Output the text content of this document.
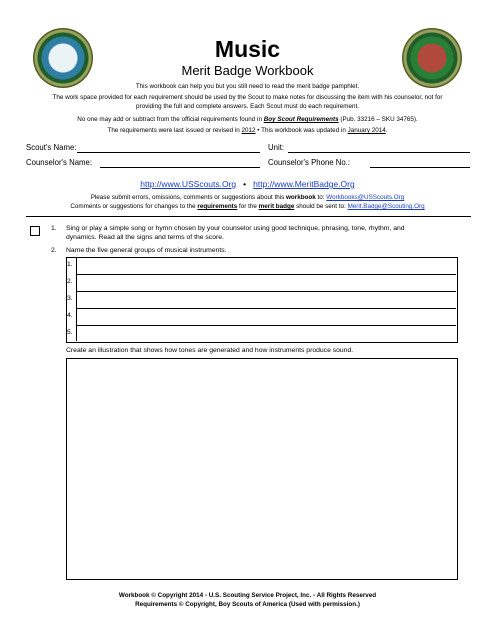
Music
Merit Badge Workbook
This workbook can help you but you still need to read the merit badge pamphlet.
The work space provided for each requirement should be used by the Scout to make notes for discussing the item with his counselor, not for
providing the full and complete answers. Each Scout must do each requirement.
No one may add or subtract from the official requirements found in Boy Scout Requirements (Pub. 33216 – SKU 34765).
The requirements were last issued or revised in 2012 • This workbook was updated in January 2014.
Scout's Name:	Unit:
Counselor's Name:	Counselor's Phone No.:
http://www.USScouts.Org • http://www.MeritBadge.Org
Please submit errors, omissions, comments or suggestions about this workbook to: Workbooks@USScouts.Org
Comments or suggestions for changes to the requirements for the merit badge should be sent to: Merit.Badge@Scouting.Org
1. Sing or play a simple song or hymn chosen by your counselor using good technique, phrasing, tone, rhythm, and
dynamics. Read all the signs and terms of the score.
2. Name the five general groups of musical instruments.
1.
2.
3.
4.
5.
Create an illustration that shows how tones are generated and how instruments produce sound.
Workbook © Copyright 2014 - U.S. Scouting Service Project, Inc. - All Rights Reserved
Requirements © Copyright, Boy Scouts of America (Used with permission.)
